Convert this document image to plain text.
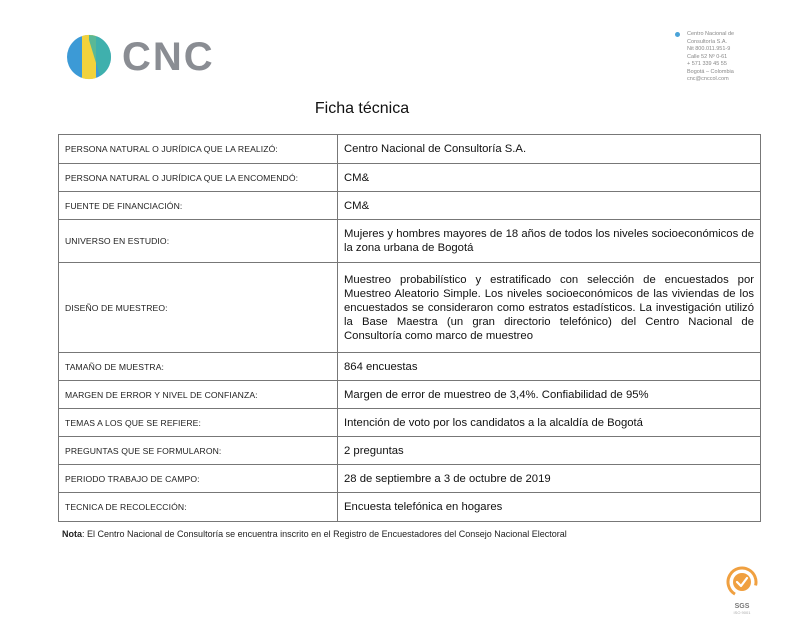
CNC
Centro Nacional de
Consultoría S.A.
Nit 800.011.951-9
Calle 52 Nº 0-61
+ 571 339 45 55
Bogotá – Colombia
cnc@cnccol.com
Ficha técnica
PERSONA NATURAL O JURÍDICA QUE LA REALIZÓ:	Centro Nacional de Consultoría S.A.
PERSONA NATURAL O JURÍDICA QUE LA ENCOMENDÓ:	CM&
FUENTE DE FINANCIACIÓN:	CM&
UNIVERSO EN ESTUDIO:	Mujeres y hombres mayores de 18 años de todos los niveles socioeconómicos de la zona urbana de Bogotá
DISEÑO DE MUESTREO:	Muestreo probabilístico y estratificado con selección de encuestados por Muestreo Aleatorio Simple. Los niveles socioeconómicos de las viviendas de los encuestados se consideraron como estratos estadísticos. La investigación utilizó la Base Maestra (un gran directorio telefónico) del Centro Nacional de Consultoría como marco de muestreo
TAMAÑO DE MUESTRA:	864 encuestas
MARGEN DE ERROR Y NIVEL DE CONFIANZA:	Margen de error de muestreo de 3,4%. Confiabilidad de 95%
TEMAS A LOS QUE SE REFIERE:	Intención de voto por los candidatos a la alcaldía de Bogotá
PREGUNTAS QUE SE FORMULARON:	2 preguntas
PERIODO TRABAJO DE CAMPO:	28 de septiembre a 3 de octubre de 2019
TECNICA DE RECOLECCIÓN:	Encuesta telefónica en hogares
Nota: El Centro Nacional de Consultoría se encuentra inscrito en el Registro de Encuestadores del Consejo Nacional Electoral
SGS
ISO 9001
